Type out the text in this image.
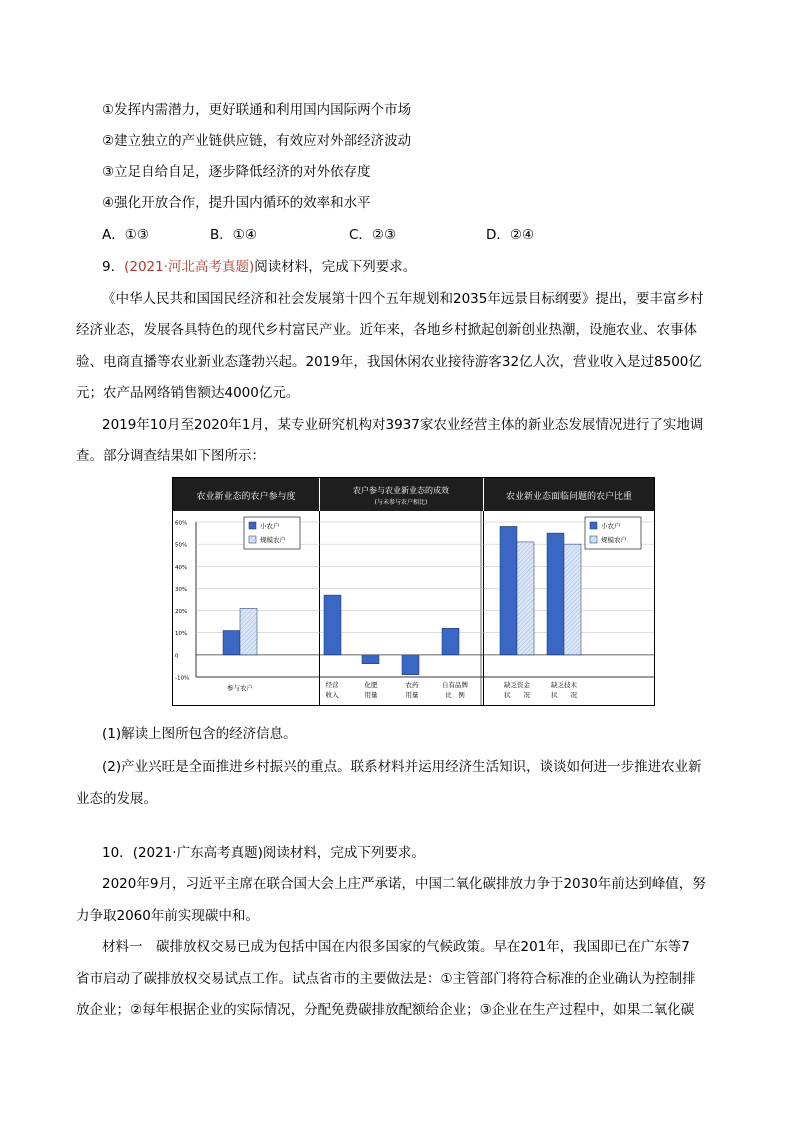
①发挥内需潜力，更好联通和利用国内国际两个市场
②建立独立的产业链供应链，有效应对外部经济波动
③立足自给自足，逐步降低经济的对外依存度
④强化开放合作，提升国内循环的效率和水平
A．①③	B．①④	C．②③	D．②④
9．(2021·河北高考真题)阅读材料，完成下列要求。
《中华人民共和国国民经济和社会发展第十四个五年规划和2035年远景目标纲要》提出，要丰富乡村
经济业态，发展各具特色的现代乡村富民产业。近年来，各地乡村掀起创新创业热潮，设施农业、农事体
验、电商直播等农业新业态蓬勃兴起。2019年，我国休闲农业接待游客32亿人次，营业收入是过8500亿
元；农产品网络销售额达4000亿元。
2019年10月至2020年1月，某专业研究机构对3937家农业经营主体的新业态发展情况进行了实地调
查。部分调查结果如下图所示：
农业新业态的农户参与度
农户参与农业新业态的成效
(与未参与农户相比)
农业新业态面临问题的农户比重
60%
50%
40%
30%
20%
10%
0
-10%
参与农户	经营
收入
化肥
用量
农药
用量
自有品牌
比　例
缺乏资金
状　　况
缺乏技术
状　　况
小农户
规模农户
小农户
规模农户
(1)解读上图所包含的经济信息。
(2)产业兴旺是全面推进乡村振兴的重点。联系材料并运用经济生活知识，谈谈如何进一步推进农业新
业态的发展。
10．(2021·广东高考真题)阅读材料，完成下列要求。
2020年9月，习近平主席在联合国大会上庄严承诺，中国二氧化碳排放力争于2030年前达到峰值，努
力争取2060年前实现碳中和。
材料一　碳排放权交易已成为包括中国在内很多国家的气候政策。早在201年，我国即已在广东等7
省市启动了碳排放权交易试点工作。试点省市的主要做法是：①主管部门将符合标准的企业确认为控制排
放企业；②每年根据企业的实际情况，分配免费碳排放配额给企业；③企业在生产过程中，如果二氧化碳
